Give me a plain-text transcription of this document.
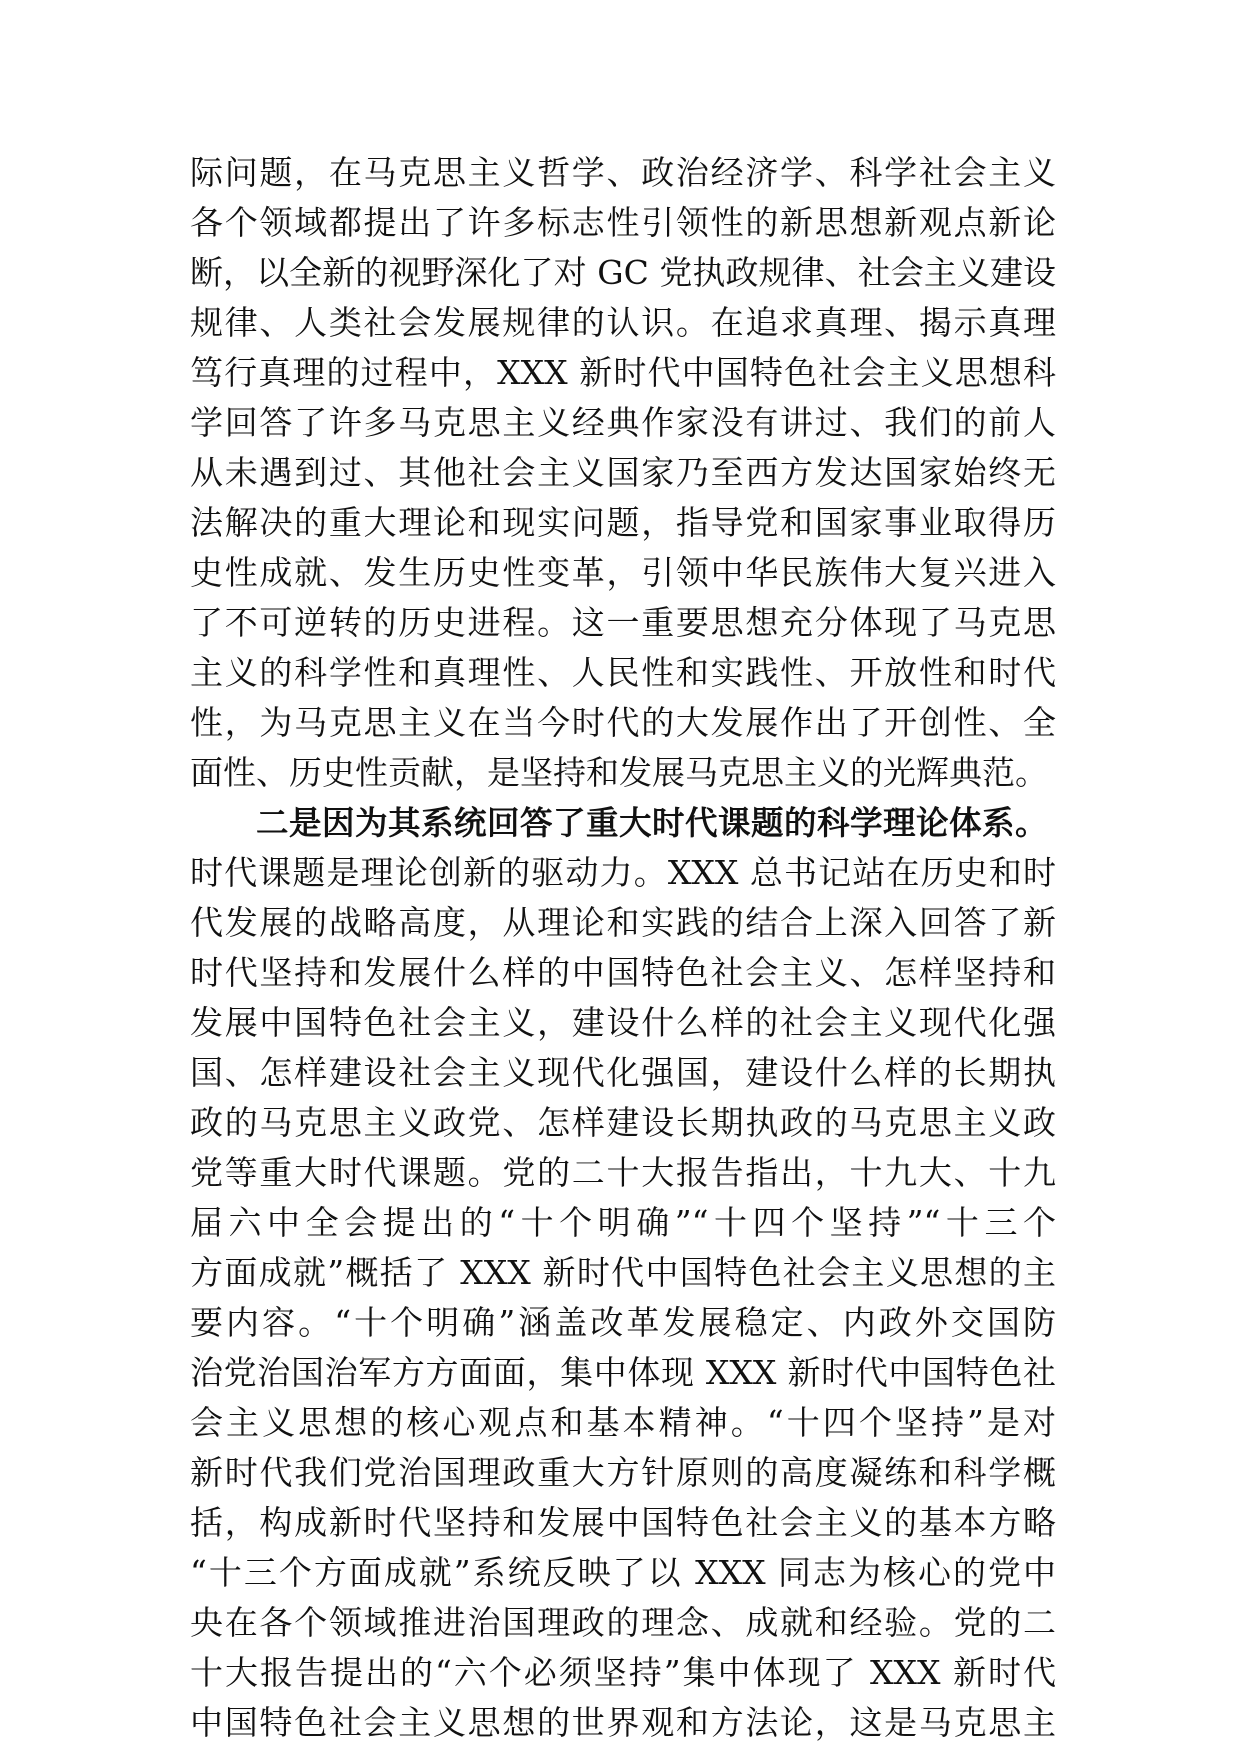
际问题，在马克思主义哲学、政治经济学、科学社会主义
各个领域都提出了许多标志性引领性的新思想新观点新论
断，以全新的视野深化了对 GC 党执政规律、社会主义建设
规律、人类社会发展规律的认识。在追求真理、揭示真理
笃行真理的过程中，XXX 新时代中国特色社会主义思想科
学回答了许多马克思主义经典作家没有讲过、我们的前人
从未遇到过、其他社会主义国家乃至西方发达国家始终无
法解决的重大理论和现实问题，指导党和国家事业取得历
史性成就、发生历史性变革，引领中华民族伟大复兴进入
了不可逆转的历史进程。这一重要思想充分体现了马克思
主义的科学性和真理性、人民性和实践性、开放性和时代
性，为马克思主义在当今时代的大发展作出了开创性、全
面性、历史性贡献，是坚持和发展马克思主义的光辉典范。
二是因为其系统回答了重大时代课题的科学理论体系。
时代课题是理论创新的驱动力。XXX 总书记站在历史和时
代发展的战略高度，从理论和实践的结合上深入回答了新
时代坚持和发展什么样的中国特色社会主义、怎样坚持和
发展中国特色社会主义，建设什么样的社会主义现代化强
国、怎样建设社会主义现代化强国，建设什么样的长期执
政的马克思主义政党、怎样建设长期执政的马克思主义政
党等重大时代课题。党的二十大报告指出，十九大、十九
届六中全会提出的“十个明确”“十四个坚持”“十三个
方面成就”概括了 XXX 新时代中国特色社会主义思想的主
要内容。“十个明确”涵盖改革发展稳定、内政外交国防
治党治国治军方方面面，集中体现 XXX 新时代中国特色社
会主义思想的核心观点和基本精神。“十四个坚持”是对
新时代我们党治国理政重大方针原则的高度凝练和科学概
括，构成新时代坚持和发展中国特色社会主义的基本方略
“十三个方面成就”系统反映了以 XXX 同志为核心的党中
央在各个领域推进治国理政的理念、成就和经验。党的二
十大报告提出的“六个必须坚持”集中体现了 XXX 新时代
中国特色社会主义思想的世界观和方法论，这是马克思主
